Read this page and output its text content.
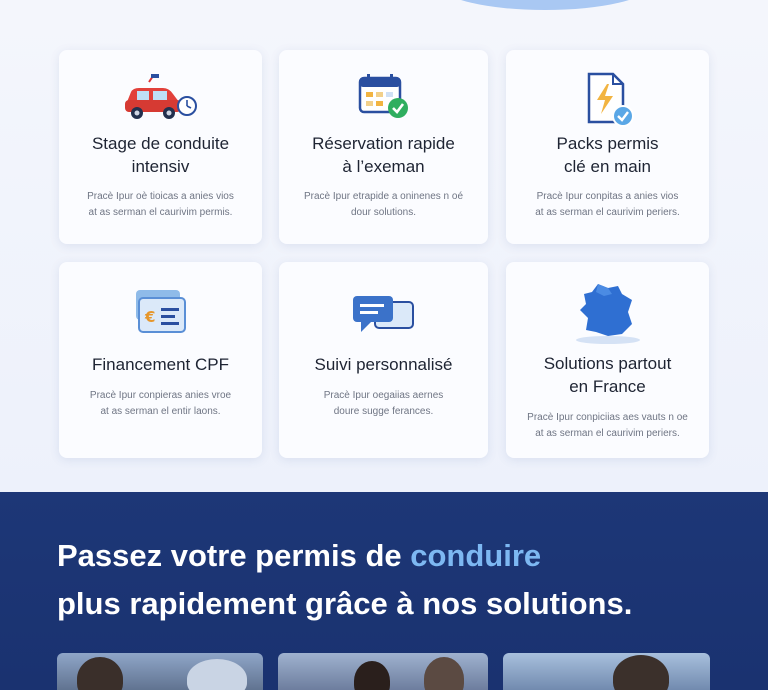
Stage de conduite
intensiv

Pracè Ipur oè tioicas a anies vios
at as serman el caurivim permis.

Réservation rapide
à l’exeman

Pracè Ipur etrapide a oninenes n oé
dour solutions.

Packs permis
clé en main

Pracè Ipur conpitas a anies vios
at as serman el caurivim periers.

€
Financement CPF

Pracè Ipur conpieras anies vroe
at as serman el entir laons.

Suivi personnalisé

Pracè Ipur oegaiias aernes
doure sugge ferances.

Solutions partout
en France

Pracè Ipur conpiciias aes vauts n oe
at as serman el caurivim periers.

Passez votre permis de conduire
plus rapidement grâce à nos solutions.
